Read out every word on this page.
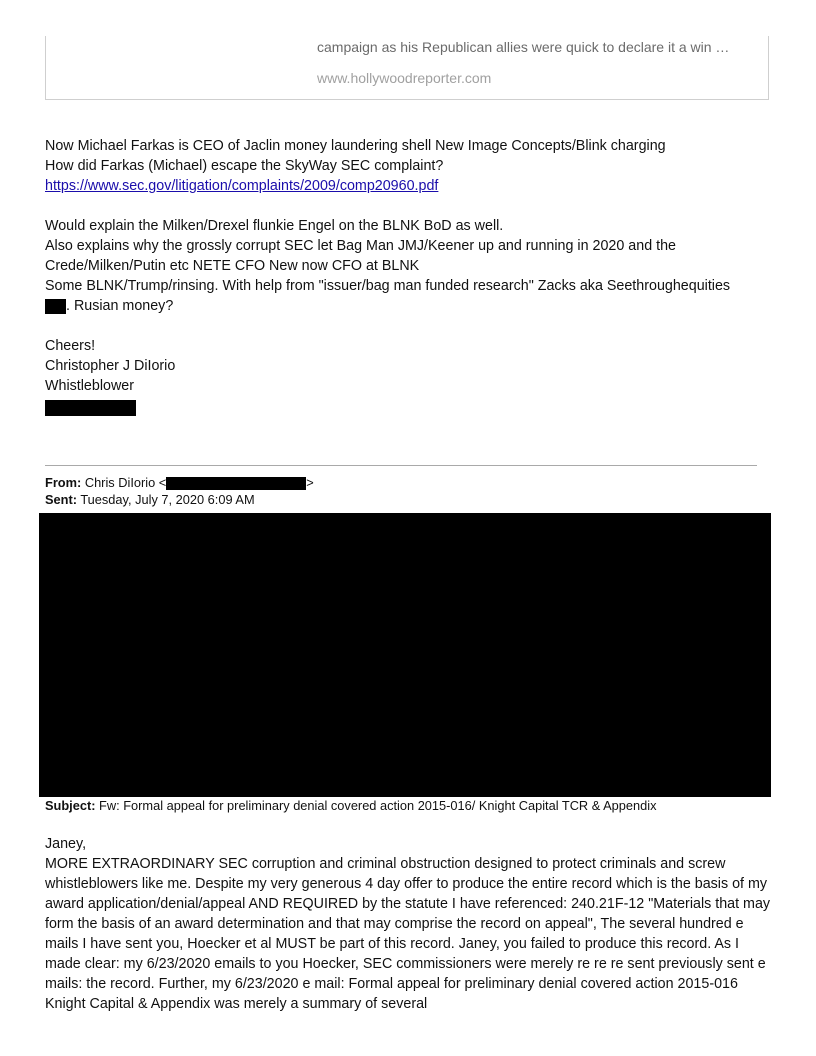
campaign as his Republican allies were quick to declare it a win …
www.hollywoodreporter.com
Now Michael Farkas is CEO of Jaclin money laundering shell New Image Concepts/Blink charging
How did Farkas (Michael) escape the SkyWay SEC complaint?
https://www.sec.gov/litigation/complaints/2009/comp20960.pdf
Would explain the Milken/Drexel flunkie Engel on the BLNK BoD as well.
Also explains why the grossly corrupt SEC let Bag Man JMJ/Keener up and running in 2020 and the
Crede/Milken/Putin etc NETE CFO New now CFO at BLNK
Some BLNK/Trump/rinsing. With help from "issuer/bag man funded research" Zacks aka Seethroughequities
. Rusian money?
Cheers!
Christopher J DiIorio
Whistleblower
From: Chris DiIorio <	>
Sent: Tuesday, July 7, 2020 6:09 AM
Subject: Fw: Formal appeal for preliminary denial covered action 2015-016/ Knight Capital TCR & Appendix
Janey,
MORE EXTRAORDINARY SEC corruption and criminal obstruction designed to protect criminals and screw whistleblowers like me. Despite my very generous 4 day offer to produce the entire record which is the basis of my award application/denial/appeal AND REQUIRED by the statute I have referenced: 240.21F-12 "Materials that may form the basis of an award determination and that may comprise the record on appeal", The several hundred e mails I have sent you, Hoecker et al MUST be part of this record. Janey, you failed to produce this record. As I made clear: my 6/23/2020 emails to you Hoecker, SEC commissioners were merely re re re sent previously sent e mails: the record. Further, my 6/23/2020 e mail: Formal appeal for preliminary denial covered action 2015-016 Knight Capital & Appendix was merely a summary of several
